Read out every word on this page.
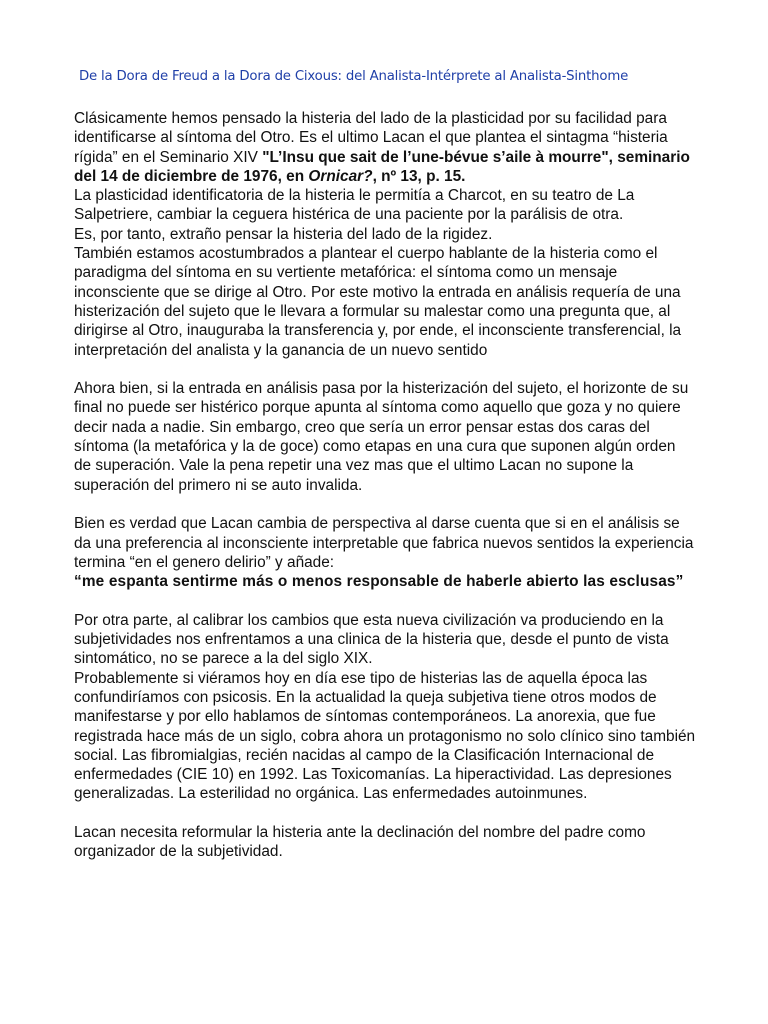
De la Dora de Freud a la Dora de Cixous: del Analista-Intérprete al Analista-Sinthome

Clásicamente hemos pensado la histeria del lado de la plasticidad por su facilidad para identificarse al síntoma del Otro. Es el ultimo Lacan el que plantea el sintagma “histeria rígida” en el Seminario XIV "L’Insu que sait de l’une-bévue s’aile à mourre", seminario del 14 de diciembre de 1976, en Ornicar?, nº 13, p. 15.

La plasticidad identificatoria de la histeria le permitía a Charcot, en su teatro de La Salpetriere, cambiar la ceguera histérica de una paciente por la parálisis de otra.

Es, por tanto, extraño pensar la histeria del lado de la rigidez.

También estamos acostumbrados a plantear el cuerpo hablante de la histeria como el paradigma del síntoma en su vertiente metafórica: el síntoma como un mensaje inconsciente que se dirige al Otro. Por este motivo la entrada en análisis requería de una histerización del sujeto que le llevara a formular su malestar como una pregunta que, al dirigirse al Otro, inauguraba la transferencia y, por ende, el inconsciente transferencial, la interpretación del analista y la ganancia de un nuevo sentido

Ahora bien, si la entrada en análisis pasa por la histerización del sujeto, el horizonte de su final no puede ser histérico porque apunta al síntoma como aquello que goza y no quiere decir nada a nadie. Sin embargo, creo que sería un error pensar estas dos caras del síntoma (la metafórica y la de goce) como etapas en una cura que suponen algún orden de superación. Vale la pena repetir una vez mas que el ultimo Lacan no supone la superación del primero ni se auto invalida.

Bien es verdad que Lacan cambia de perspectiva al darse cuenta que si en el análisis se da una preferencia al inconsciente interpretable que fabrica nuevos sentidos la experiencia termina “en el genero delirio” y añade:

“me espanta sentirme más o menos responsable de haberle abierto las esclusas”

Por otra parte, al calibrar los cambios que esta nueva civilización va produciendo en la subjetividades nos enfrentamos a una clinica de la histeria que, desde el punto de vista sintomático, no se parece a la del siglo XIX.

Probablemente si viéramos hoy en día ese tipo de histerias las de aquella época las confundiríamos con psicosis. En la actualidad la queja subjetiva tiene otros modos de manifestarse y por ello hablamos de síntomas contemporáneos. La anorexia, que fue registrada hace más de un siglo, cobra ahora un protagonismo no solo clínico sino también social. Las fibromialgias, recién nacidas al campo de la Clasificación Internacional de enfermedades (CIE 10) en 1992. Las Toxicomanías. La hiperactividad. Las depresiones generalizadas. La esterilidad no orgánica. Las enfermedades autoinmunes.

Lacan necesita reformular la histeria ante la declinación del nombre del padre como organizador de la subjetividad.
